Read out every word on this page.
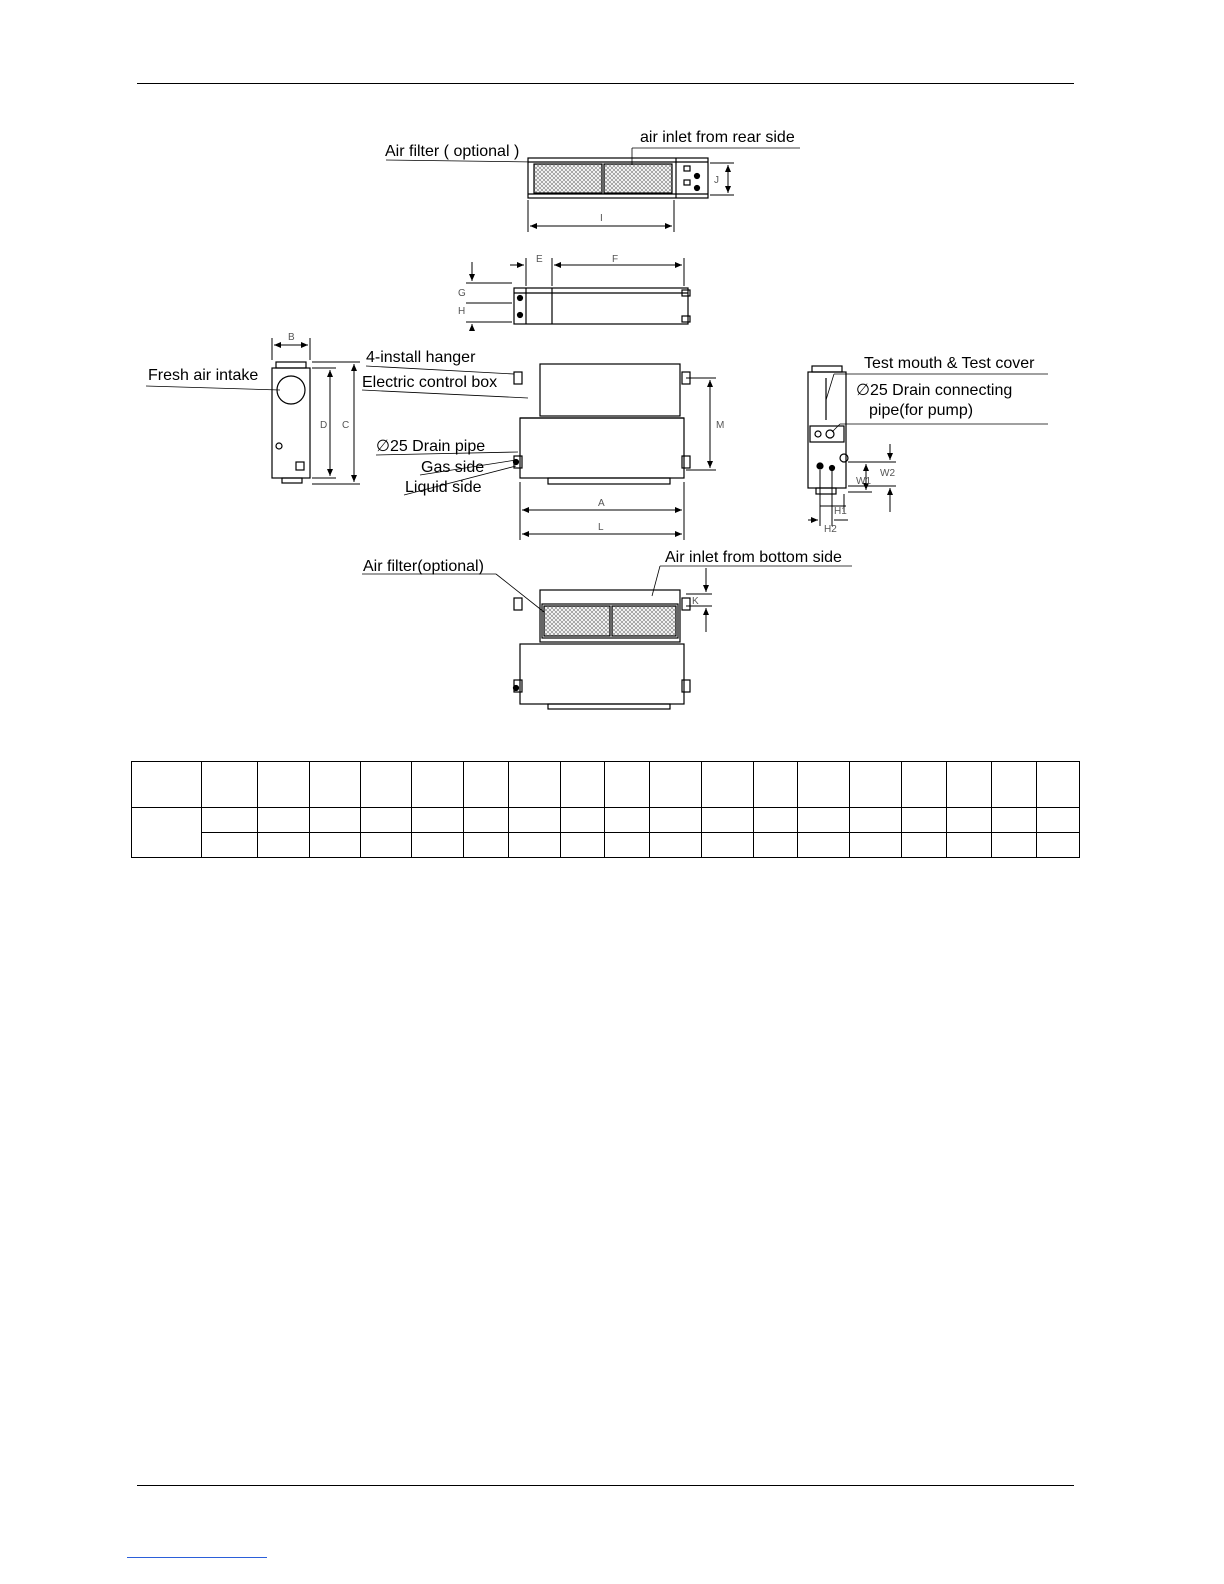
I
J
Air filter ( optional )
air inlet from rear side
E	F
G
H
B
D C
Fresh air intake
M
A
L
4-install hanger
Electric control box
∅25 Drain pipe
Gas side
Liquid side	W1
W2
H1
H2
Test mouth & Test cover
∅25 Drain connecting
pipe(for pump)
K
Air filter(optional)
Air inlet from bottom side
